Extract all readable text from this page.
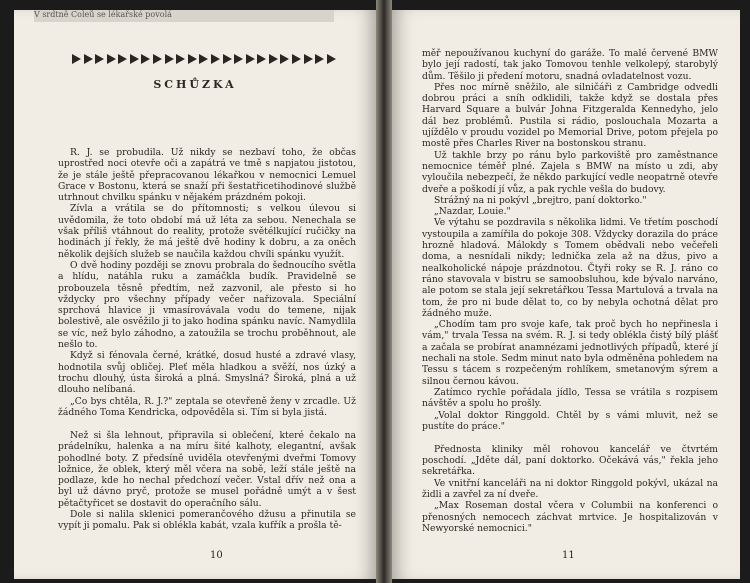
V srdtně Coleů se lékařské povolá
SCHŮZKA

R. J. se probudila. Už nikdy se nezbaví toho, že občas uprostřed noci otevře oči a zapátrá ve tmě s napjatou jistotou, že je stále ještě přepracovanou lékařkou v nemocnici Lemuel Grace v Bostonu, která se snaží při šestatřicetihodinové službě utrhnout chvilku spánku v nějakém prázdném pokoji.

Zívla a vrátila se do přítomnosti; s velkou úlevou si uvědomila, že toto období má už léta za sebou. Nenechala se však příliš vtáhnout do reality, protože světélkující ručičky na hodinách jí řekly, že má ještě dvě hodiny k dobru, a za oněch několik dejších služeb se naučila každou chvíli spánku využít.

O dvě hodiny později se znovu probrala do šednoucího světla a hlídu, natáhla ruku a zamáčkla budík. Pravidelně se probouzela těsně předtím, než zazvonil, ale přesto si ho vždycky pro všechny případy večer nařizovala. Speciální sprchová hlavice ji vmasírovávala vodu do temene, nijak bolestivě, ale osvěžilo ji to jako hodina spánku navíc. Namydlila se víc, než bylo záhodno, a zatoužila se trochu proběhnout, ale nešlo to.

Když si fénovala černé, krátké, dosud husté a zdravé vlasy, hodnotila svůj obličej. Pleť měla hladkou a svěží, nos úzký a trochu dlouhý, ústa široká a plná. Smyslná? Široká, plná a už dlouho nelíbaná.

„Co bys chtěla, R. J.?" zeptala se otevřeně ženy v zrcadle. Už žádného Toma Kendricka, odpověděla si. Tím si byla jistá.

Než si šla lehnout, připravila si oblečení, které čekalo na prádelníku, halenka a na míru šité kalhoty, elegantní, avšak pohodlné boty. Z předsíně uviděla otevřenými dveřmi Tomovy ložnice, že oblek, který měl včera na sobě, leží stále ještě na podlaze, kde ho nechal předchozí večer. Vstal dřív než ona a byl už dávno pryč, protože se musel pořádně umýt a v šest pětačtyřicet se dostavit do operačního sálu.

Dole si nalila sklenici pomerančového džusu a přinutila se vypít ji pomalu. Pak si oblékla kabát, vzala kufřík a prošla tě-

10

měř nepoužívanou kuchyní do garáže. To malé červené BMW bylo její radostí, tak jako Tomovou tenhle velkolepý, starobylý dům. Těšilo ji předení motoru, snadná ovladatelnost vozu.

Přes noc mírně sněžilo, ale silničáři z Cambridge odvedli dobrou práci a sníh odklidili, takže když se dostala přes Harvard Square a bulvár Johna Fitzgeralda Kennedyho, jelo dál bez problémů. Pustila si rádio, poslouchala Mozarta a ujíždělo v proudu vozidel po Memorial Drive, potom přejela po mostě přes Charles River na bostonskou stranu.

Už takhle brzy po ránu bylo parkoviště pro zaměstnance nemocnice téměř plné. Zajela s BMW na místo u zdi, aby vyloučila nebezpečí, že někdo parkující vedle neopatrně otevře dveře a poškodí jí vůz, a pak rychle vešla do budovy.

Strážný na ni pokývl „brejtro, paní doktorko."

„Nazdar, Louie."

Ve výtahu se pozdravila s několika lidmi. Ve třetím poschodí vystoupila a zamířila do pokoje 308. Vždycky dorazila do práce hrozně hladová. Málokdy s Tomem obědvali nebo večeřeli doma, a nesnídali nikdy; lednička zela až na džus, pivo a nealkoholické nápoje prázdnotou. Čtyři roky se R. J. ráno co ráno stavovala v bistru se samoobsluhou, kde bývalo narváno, ale potom se stala její sekretářkou Tessa Martulová a trvala na tom, že pro ni bude dělat to, co by nebyla ochotná dělat pro žádného muže.

„Chodím tam pro svoje kafe, tak proč bych ho nepřinesla i vám," trvala Tessa na svém. R. J. si tedy oblékla čistý bílý plášť a začala se probírat anamnézami jednotlivých případů, které jí nechali na stole. Sedm minut nato byla odměněna pohledem na Tessu s tácem s rozpečeným rohlíkem, smetanovým sýrem a silnou černou kávou.

Zatímco rychle pořádala jídlo, Tessa se vrátila s rozpisem návštěv a spolu ho prošly.

„Volal doktor Ringgold. Chtěl by s vámi mluvit, než se pustíte do práce."

Přednosta kliniky měl rohovou kancelář ve čtvrtém poschodí. „Jděte dál, paní doktorko. Očekává vás," řekla jeho sekretářka.

Ve vnitřní kanceláři na ni doktor Ringgold pokývl, ukázal na židli a zavřel za ní dveře.

„Max Roseman dostal včera v Columbii na konferenci o přenosných nemocech záchvat mrtvice. Je hospitalizován v Newyorské nemocnici."

11
